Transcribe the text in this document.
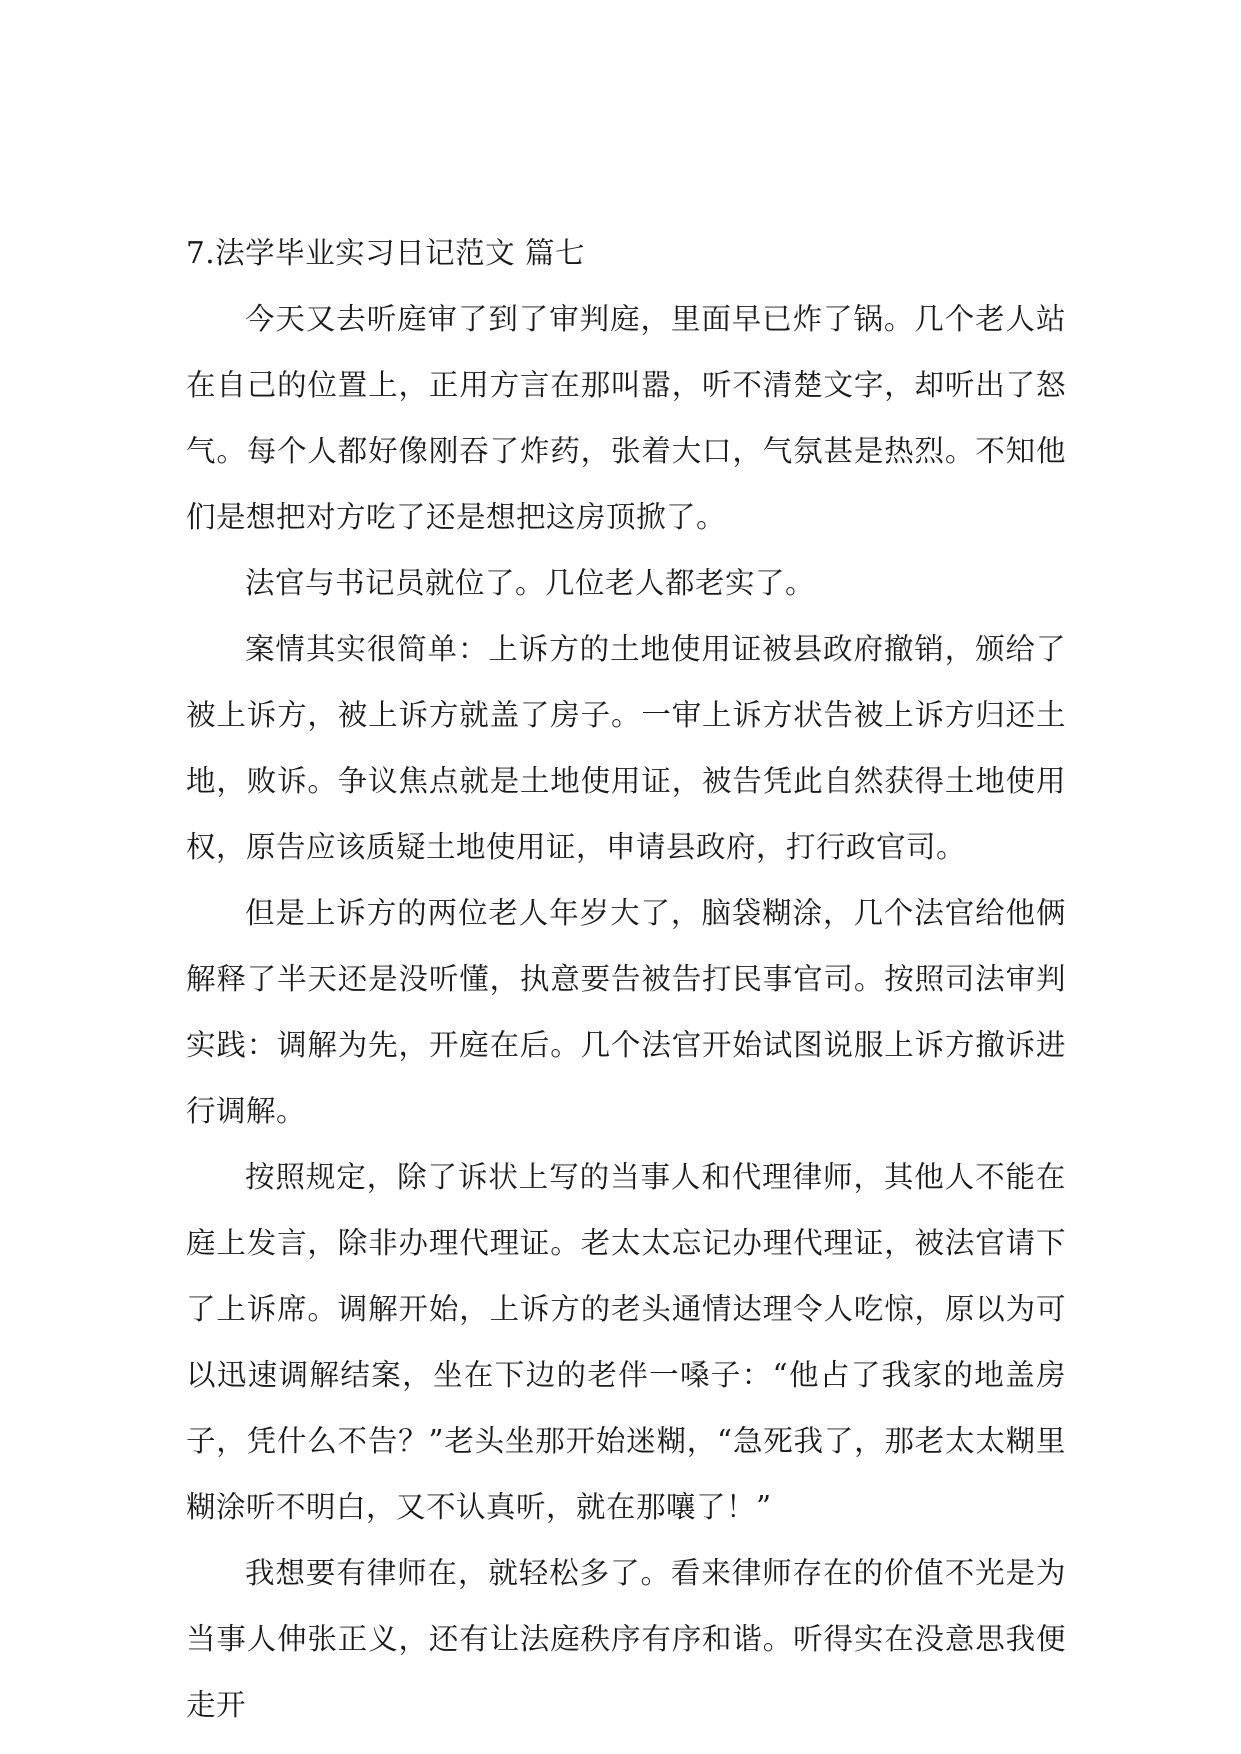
7.法学毕业实习日记范文 篇七

今天又去听庭审了到了审判庭，里面早已炸了锅。几个老人站在自己的位置上，正用方言在那叫嚣，听不清楚文字，却听出了怒气。每个人都好像刚吞了炸药，张着大口，气氛甚是热烈。不知他们是想把对方吃了还是想把这房顶掀了。

法官与书记员就位了。几位老人都老实了。

案情其实很简单：上诉方的土地使用证被县政府撤销，颁给了被上诉方，被上诉方就盖了房子。一审上诉方状告被上诉方归还土地，败诉。争议焦点就是土地使用证，被告凭此自然获得土地使用权，原告应该质疑土地使用证，申请县政府，打行政官司。

但是上诉方的两位老人年岁大了，脑袋糊涂，几个法官给他俩解释了半天还是没听懂，执意要告被告打民事官司。按照司法审判实践：调解为先，开庭在后。几个法官开始试图说服上诉方撤诉进行调解。

按照规定，除了诉状上写的当事人和代理律师，其他人不能在庭上发言，除非办理代理证。老太太忘记办理代理证，被法官请下了上诉席。调解开始，上诉方的老头通情达理令人吃惊，原以为可以迅速调解结案，坐在下边的老伴一嗓子：“他占了我家的地盖房子，凭什么不告？”老头坐那开始迷糊，“急死我了，那老太太糊里糊涂听不明白，又不认真听，就在那嚷了！”

我想要有律师在，就轻松多了。看来律师存在的价值不光是为当事人伸张正义，还有让法庭秩序有序和谐。听得实在没意思我便走开
